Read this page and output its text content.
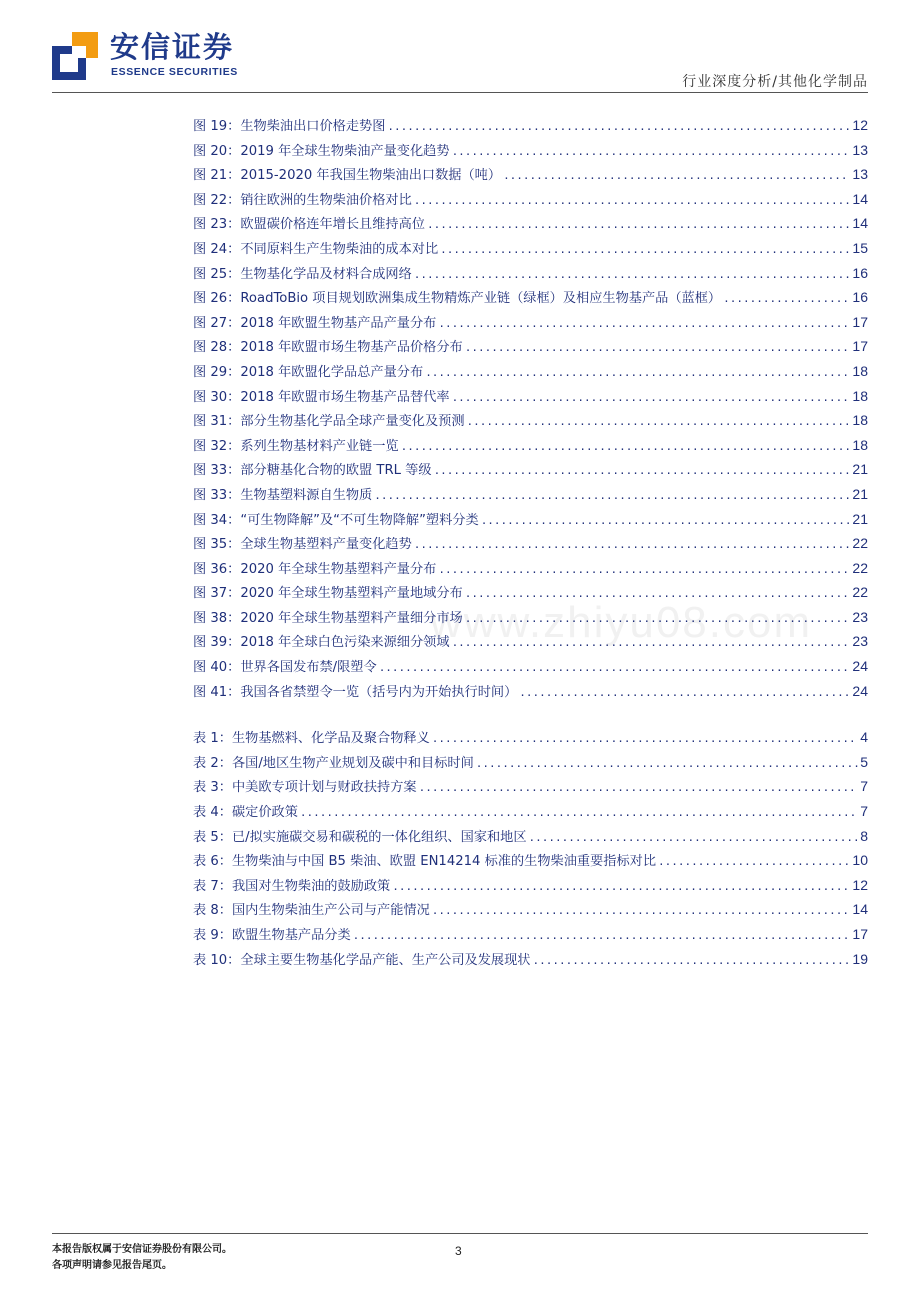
安信证券
ESSENCE SECURITIES
行业深度分析/其他化学制品
www.zhiyu08.com
图 19：生物柴油出口价格走势图 .....	12
图 20：2019 年全球生物柴油产量变化趋势 .....	13
图 21：2015-2020 年我国生物柴油出口数据（吨） .....	13
图 22：销往欧洲的生物柴油价格对比 .....	14
图 23：欧盟碳价格连年增长且维持高位 .....	14
图 24：不同原料生产生物柴油的成本对比 .....	15
图 25：生物基化学品及材料合成网络 .....	16
图 26：RoadToBio 项目规划欧洲集成生物精炼产业链（绿框）及相应生物基产品（蓝框） .....	16
图 27：2018 年欧盟生物基产品产量分布 .....	17
图 28：2018 年欧盟市场生物基产品价格分布 .....	17
图 29：2018 年欧盟化学品总产量分布 .....	18
图 30：2018 年欧盟市场生物基产品替代率 .....	18
图 31：部分生物基化学品全球产量变化及预测 .....	18
图 32：系列生物基材料产业链一览 .....	18
图 33：部分糖基化合物的欧盟 TRL 等级 .....	21
图 33：生物基塑料源自生物质 .....	21
图 34：“可生物降解”及“不可生物降解”塑料分类 .....	21
图 35：全球生物基塑料产量变化趋势 .....	22
图 36：2020 年全球生物基塑料产量分布 .....	22
图 37：2020 年全球生物基塑料产量地域分布 .....	22
图 38：2020 年全球生物基塑料产量细分市场 .....	23
图 39：2018 年全球白色污染来源细分领域 .....	23
图 40：世界各国发布禁/限塑令 .....	24
图 41：我国各省禁塑令一览（括号内为开始执行时间） .....	24
表 1：生物基燃料、化学品及聚合物释义 .....	4
表 2：各国/地区生物产业规划及碳中和目标时间 .....	5
表 3：中美欧专项计划与财政扶持方案 .....	7
表 4：碳定价政策 .....	7
表 5：已/拟实施碳交易和碳税的一体化组织、国家和地区 .....	8
表 6：生物柴油与中国 B5 柴油、欧盟 EN14214 标准的生物柴油重要指标对比 .....	10
表 7：我国对生物柴油的鼓励政策 .....	12
表 8：国内生物柴油生产公司与产能情况 .....	14
表 9：欧盟生物基产品分类 .....	17
表 10：全球主要生物基化学品产能、生产公司及发展现状 .....	19
本报告版权属于安信证券股份有限公司。
各项声明请参见报告尾页。
3
